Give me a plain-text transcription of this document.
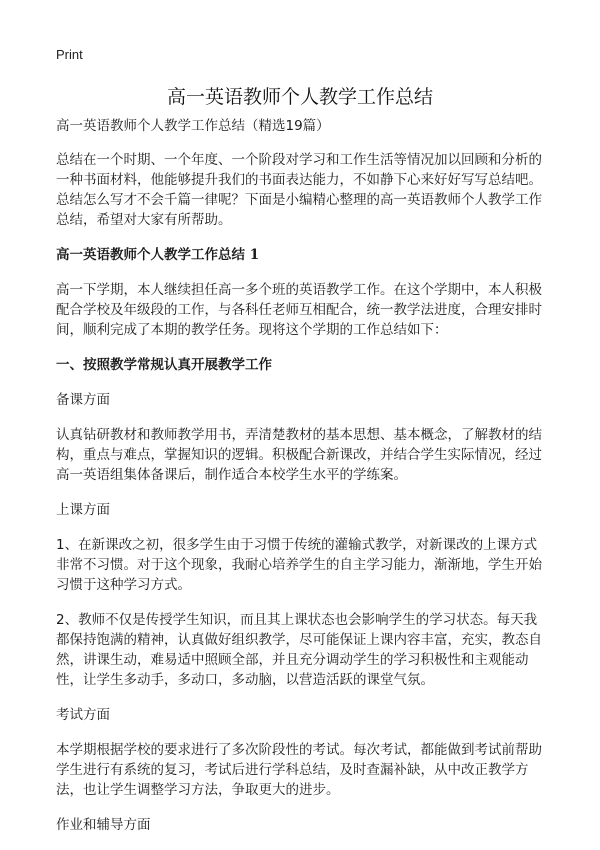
Print
高一英语教师个人教学工作总结

高一英语教师个人教学工作总结（精选19篇）

总结在一个时期、一个年度、一个阶段对学习和工作生活等情况加以回顾和分析的一种书面材料，他能够提升我们的书面表达能力，不如静下心来好好写写总结吧。总结怎么写才不会千篇一律呢？下面是小编精心整理的高一英语教师个人教学工作总结，希望对大家有所帮助。

高一英语教师个人教学工作总结 1

高一下学期，本人继续担任高一多个班的英语教学工作。在这个学期中，本人积极配合学校及年级段的工作，与各科任老师互相配合，统一教学法进度，合理安排时间，顺利完成了本期的教学任务。现将这个学期的工作总结如下：

一、按照教学常规认真开展教学工作

备课方面

认真钻研教材和教师教学用书，弄清楚教材的基本思想、基本概念，了解教材的结构，重点与难点，掌握知识的逻辑。积极配合新课改，并结合学生实际情况，经过高一英语组集体备课后，制作适合本校学生水平的学练案。

上课方面

1、在新课改之初，很多学生由于习惯于传统的灌输式教学，对新课改的上课方式非常不习惯。对于这个现象，我耐心培养学生的自主学习能力，渐渐地，学生开始习惯于这种学习方式。

2、教师不仅是传授学生知识，而且其上课状态也会影响学生的学习状态。每天我都保持饱满的精神，认真做好组织教学，尽可能保证上课内容丰富，充实，教态自然，讲课生动，难易适中照顾全部，并且充分调动学生的学习积极性和主观能动性，让学生多动手，多动口，多动脑，以营造活跃的课堂气氛。

考试方面

本学期根据学校的要求进行了多次阶段性的考试。每次考试，都能做到考试前帮助学生进行有系统的复习，考试后进行学科总结，及时查漏补缺，从中改正教学方法，也让学生调整学习方法，争取更大的进步。

作业和辅导方面
